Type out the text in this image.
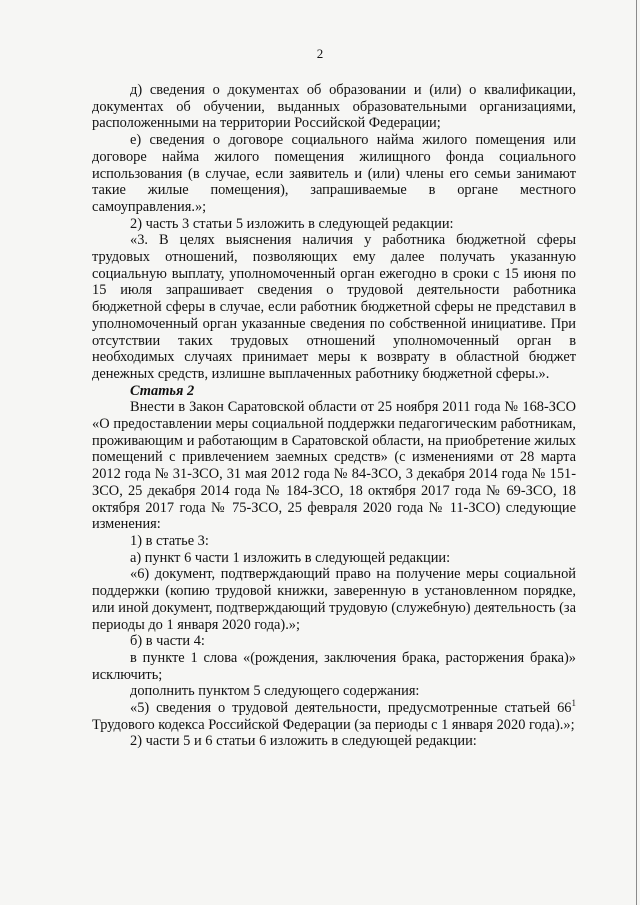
2

д) сведения о документах об образовании и (или) о квалификации, документах об обучении, выданных образовательными организациями, расположенными на территории Российской Федерации;

е) сведения о договоре социального найма жилого помещения или договоре найма жилого помещения жилищного фонда социального использования (в случае, если заявитель и (или) члены его семьи занимают такие жилые помещения), запрашиваемые в органе местного самоуправления.»;

2) часть 3 статьи 5 изложить в следующей редакции:

«3. В целях выяснения наличия у работника бюджетной сферы трудовых отношений, позволяющих ему далее получать указанную социальную выплату, уполномоченный орган ежегодно в сроки с 15 июня по 15 июля запрашивает сведения о трудовой деятельности работника бюджетной сферы в случае, если работник бюджетной сферы не представил в уполномоченный орган указанные сведения по собственной инициативе. При отсутствии таких трудовых отношений уполномоченный орган в необходимых случаях принимает меры к возврату в областной бюджет денежных средств, излишне выплаченных работнику бюджетной сферы.».

Статья 2

Внести в Закон Саратовской области от 25 ноября 2011 года № 168-ЗСО «О предоставлении меры социальной поддержки педагогическим работникам, проживающим и работающим в Саратовской области, на приобретение жилых помещений с привлечением заемных средств» (с изменениями от 28 марта 2012 года № 31-ЗСО, 31 мая 2012 года № 84-ЗСО, 3 декабря 2014 года № 151-ЗСО, 25 декабря 2014 года № 184-ЗСО, 18 октября 2017 года № 69-ЗСО, 18 октября 2017 года № 75-ЗСО, 25 февраля 2020 года № 11-ЗСО) следующие изменения:

1) в статье 3:

а) пункт 6 части 1 изложить в следующей редакции:

«6) документ, подтверждающий право на получение меры социальной поддержки (копию трудовой книжки, заверенную в установленном порядке, или иной документ, подтверждающий трудовую (служебную) деятельность (за периоды до 1 января 2020 года).»;

б) в части 4:

в пункте 1 слова «(рождения, заключения брака, расторжения брака)» исключить;

дополнить пунктом 5 следующего содержания:

«5) сведения о трудовой деятельности, предусмотренные статьей $66^1$ Трудового кодекса Российской Федерации (за периоды с 1 января 2020 года).»;

2) части 5 и 6 статьи 6 изложить в следующей редакции:
